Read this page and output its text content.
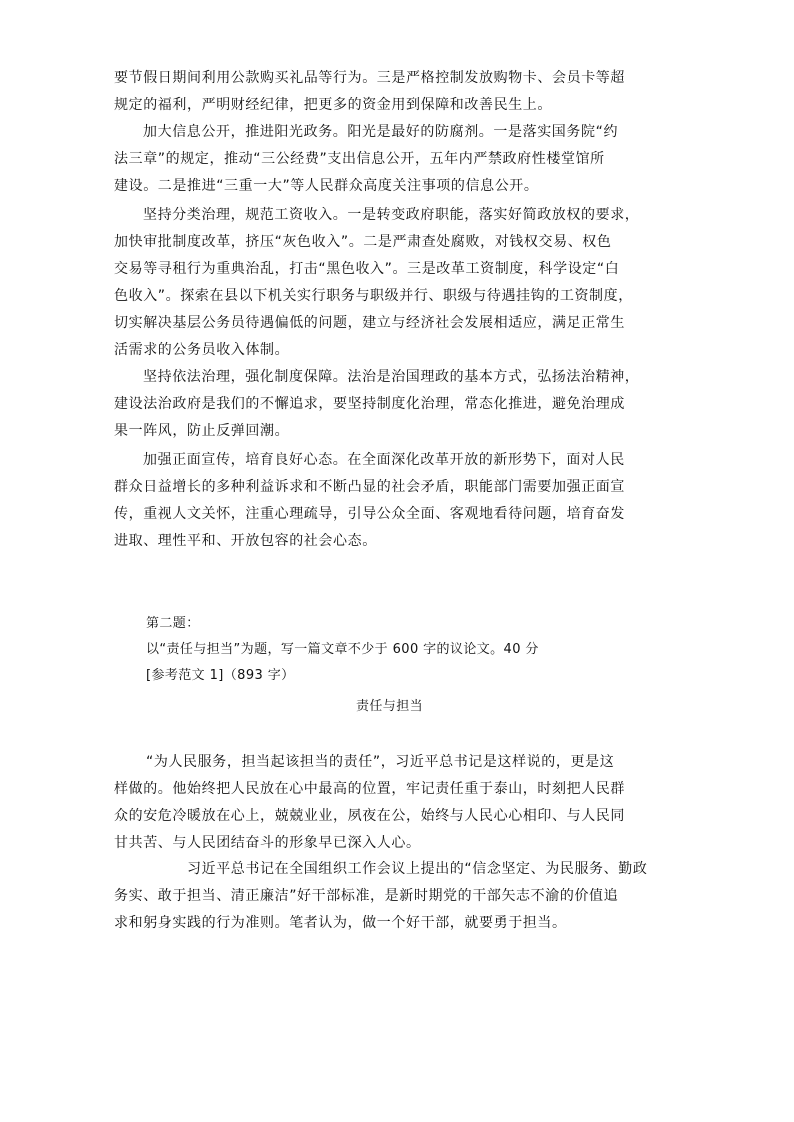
要节假日期间利用公款购买礼品等行为。三是严格控制发放购物卡、会员卡等超
规定的福利，严明财经纪律，把更多的资金用到保障和改善民生上。
加大信息公开，推进阳光政务。阳光是最好的防腐剂。一是落实国务院“约
法三章”的规定，推动“三公经费”支出信息公开，五年内严禁政府性楼堂馆所
建设。二是推进“三重一大”等人民群众高度关注事项的信息公开。
坚持分类治理，规范工资收入。一是转变政府职能，落实好简政放权的要求，
加快审批制度改革，挤压“灰色收入”。二是严肃查处腐败，对钱权交易、权色
交易等寻租行为重典治乱，打击“黑色收入”。三是改革工资制度，科学设定“白
色收入”。探索在县以下机关实行职务与职级并行、职级与待遇挂钩的工资制度，
切实解决基层公务员待遇偏低的问题，建立与经济社会发展相适应，满足正常生
活需求的公务员收入体制。
坚持依法治理，强化制度保障。法治是治国理政的基本方式，弘扬法治精神，
建设法治政府是我们的不懈追求，要坚持制度化治理，常态化推进，避免治理成
果一阵风，防止反弹回潮。
加强正面宣传，培育良好心态。在全面深化改革开放的新形势下，面对人民
群众日益增长的多种利益诉求和不断凸显的社会矛盾，职能部门需要加强正面宣
传，重视人文关怀，注重心理疏导，引导公众全面、客观地看待问题，培育奋发
进取、理性平和、开放包容的社会心态。
第二题：
以“责任与担当”为题，写一篇文章不少于 600 字的议论文。40 分
[参考范文 1]（893 字）
责任与担当
“为人民服务，担当起该担当的责任”，习近平总书记是这样说的，更是这
样做的。他始终把人民放在心中最高的位置，牢记责任重于泰山，时刻把人民群
众的安危冷暖放在心上，兢兢业业，夙夜在公，始终与人民心心相印、与人民同
甘共苦、与人民团结奋斗的形象早已深入人心。
习近平总书记在全国组织工作会议上提出的“信念坚定、为民服务、勤政
务实、敢于担当、清正廉洁”好干部标准，是新时期党的干部矢志不渝的价值追
求和躬身实践的行为准则。笔者认为，做一个好干部，就要勇于担当。
